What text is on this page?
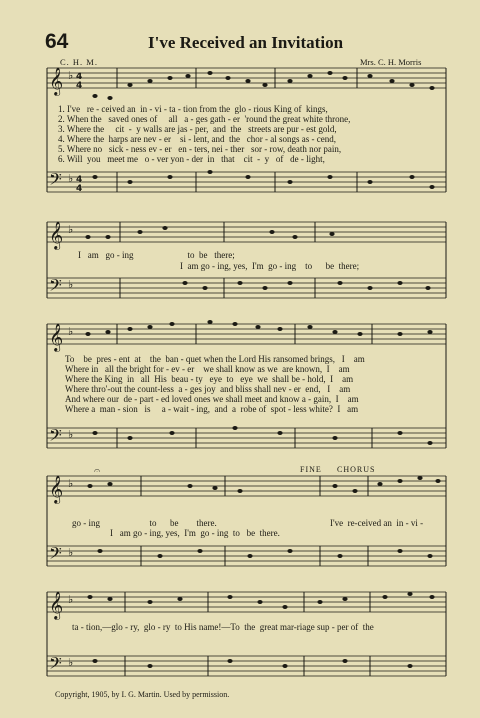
64	I've Received an Invitation
C. H. M.	Mrs. C. H. Morris
𝄞 ♭ 4
4
𝄢 ♭ 4
4
𝄞 ♭
𝄢 ♭
𝄞 ♭
𝄢 ♭
𝄞 ♭
𝄢 ♭
𝄞 ♭
𝄢 ♭
𝄐
1. I've   re - ceived an  in - vi - ta - tion from the  glo - rious King of  kings,
2. When the   saved ones of     all   a - ges gath - er  'round the great white throne,
3. Where the     cit  -  y walls are jas - per,  and  the   streets are pur - est gold,
4. Where the  harps are nev - er    si - lent, and  the   chor - al songs as - cend,
5. Where no   sick - ness ev - er   en - ters, nei - ther   sor - row, death nor pain,
6. Will  you   meet me   o - ver yon - der  in   that    cit  -  y   of   de - light,
I   am   go - ing                        to  be   there;
I  am go - ing, yes,  I'm  go - ing    to      be  there;
To    be  pres - ent  at    the  ban - quet when the Lord His ransomed brings,   I    am
Where in   all the bright for - ev - er    we shall know as we  are known,  I    am
Where the King  in   all  His  beau - ty   eye  to   eye  we  shall be - hold,  I    am
Where thro'-out the count-less  a - ges joy  and bliss shall nev - er  end,   I    am
And where our  de - part - ed loved ones we shall meet and know a - gain,  I    am
Where a  man - sion   is     a - wait - ing,  and  a  robe of  spot - less white?  I   am
FINE CHORUS
go - ing                      to      be        there.	I've  re-ceived an  in - vi -
I   am go - ing, yes,  I'm  go - ing  to   be  there.
ta - tion,—glo - ry,  glo - ry  to His name!—To  the  great mar-riage sup - per of  the
Copyright, 1905, by I. G. Martin. Used by permission.
